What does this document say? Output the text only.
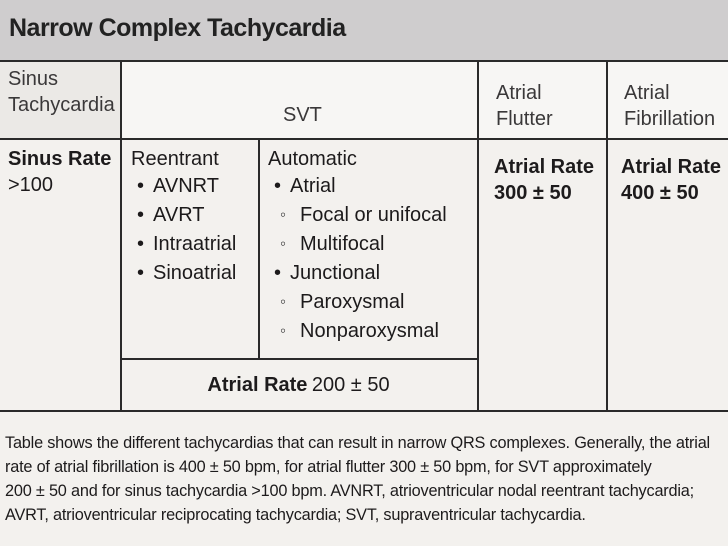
Narrow Complex Tachycardia
Sinus
Tachycardia	SVT
Atrial
Flutter
Atrial
Fibrillation
Sinus Rate
>100
Reentrant
• AVNRT
• AVRT
• Intraatrial
• Sinoatrial
Automatic
• Atrial
◦ Focal or unifocal
◦ Multifocal
• Junctional
◦ Paroxysmal
◦ Nonparoxysmal
Atrial Rate 200 ± 50
Atrial Rate
300 ± 50
Atrial Rate
400 ± 50

Table shows the different tachycardias that can result in narrow QRS complexes. Generally, the atrial

rate of atrial fibrillation is 400 ± 50 bpm, for atrial flutter 300 ± 50 bpm, for SVT approximately

200 ± 50 and for sinus tachycardia >100 bpm. AVNRT, atrioventricular nodal reentrant tachycardia;

AVRT, atrioventricular reciprocating tachycardia; SVT, supraventricular tachycardia.
